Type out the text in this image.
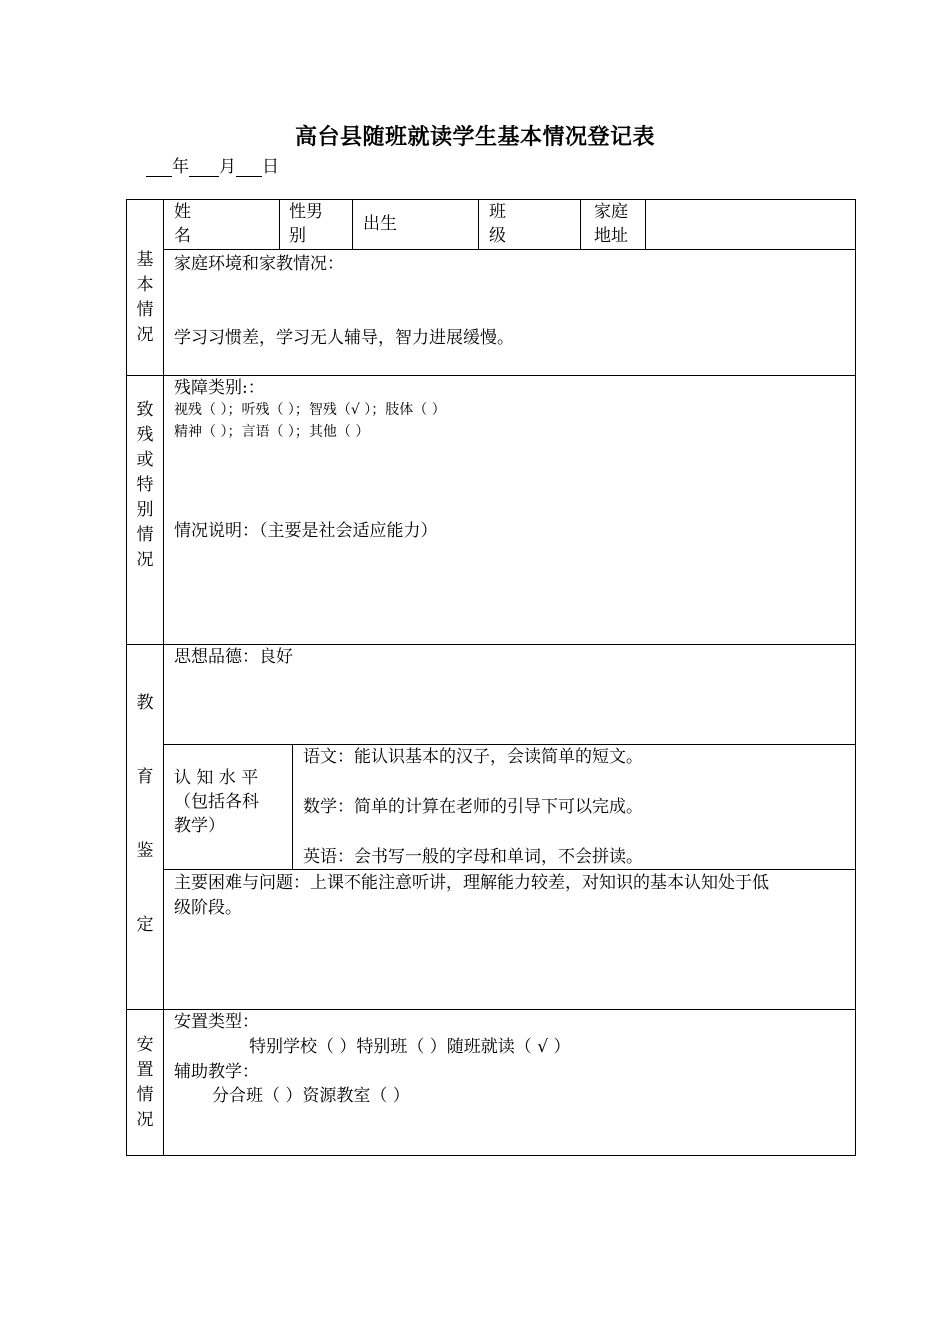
高台县随班就读学生基本情况登记表
年 月 日
姓
名
性男
别
出生
班
级
家庭
地址
基
本
情
况
家庭环境和家教情况：
学习习惯差，学习无人辅导，智力进展缓慢。
致
残
或
特
别
情
况
残障类别:：
视残（ ）；听残（ ）；智残（√ ）；肢体（ ）
精神（ ）；言语（ ）；其他（ ）
情况说明：（主要是社会适应能力）
教
育
鉴
定
思想品德：良好
认 知 水 平
（包括各科
教学）
语文：能认识基本的汉子，会读简单的短文。
数学：简单的计算在老师的引导下可以完成。
英语：会书写一般的字母和单词，不会拼读。
主要困难与问题：上课不能注意听讲，理解能力较差，对知识的基本认知处于低
级阶段。
安
置
情
况
安置类型：
特别学校（ ）特别班（ ）随班就读（ √ ）
辅助教学：
分合班（ ）资源教室（ ）
